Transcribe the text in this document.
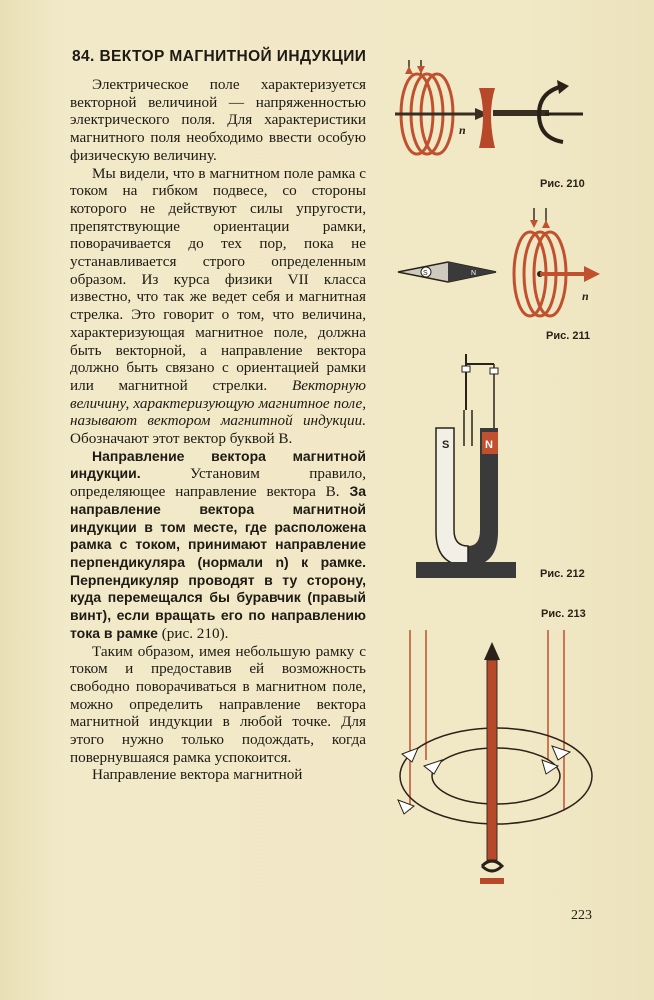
84. ВЕКТОР МАГНИТНОЙ ИНДУКЦИИ

Электрическое поле характеризуется векторной величиной — напряженностью электрического поля. Для характеристики магнитного поля необходимо ввести особую физическую величину.

Мы видели, что в магнитном поле рамка с током на гибком подвесе, со стороны которого не действуют силы упругости, препятствующие ориентации рамки, поворачивается до тех пор, пока не устанавливается строго определенным образом. Из курса физики VII класса известно, что так же ведет себя и магнитная стрелка. Это говорит о том, что величина, характеризующая магнитное поле, должна быть векторной, а направление вектора должно быть связано с ориентацией рамки или магнитной стрелки. Векторную величину, характеризующую магнитное поле, называют вектором магнитной индукции. Обозначают этот вектор буквой B.

Направление вектора магнитной индукции. Установим правило, определяющее направление вектора B. За направление вектора магнитной индукции в том месте, где расположена рамка с током, принимают направление перпендикуляра (нормали n) к рамке. Перпендикуляр проводят в ту сторону, куда перемещался бы буравчик (правый винт), если вращать его по направлению тока в рамке (рис. 210).

Таким образом, имея небольшую рамку с током и предоставив ей возможность свободно поворачиваться в магнитном поле, можно определить направление вектора магнитной индукции в любой точке. Для этого нужно только подождать, когда повернувшаяся рамка успокоится.

Направление вектора магнитной

n
Рис. 210
S	N
n
Рис. 211
S	N
Рис. 212
Рис. 213
223
